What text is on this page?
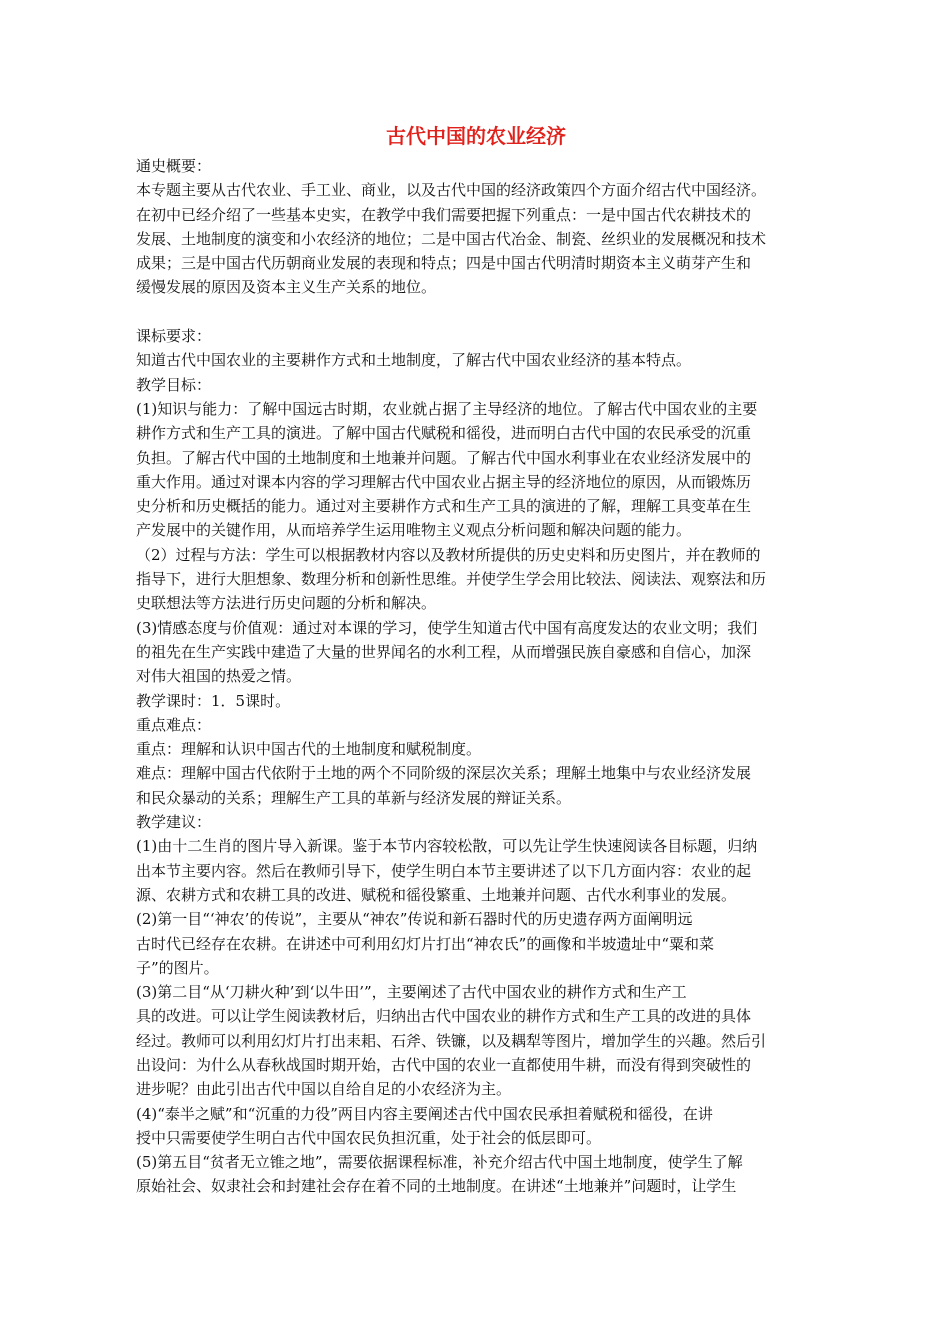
古代中国的农业经济
通史概要：
本专题主要从古代农业、手工业、商业，以及古代中国的经济政策四个方面介绍古代中国经济。
在初中已经介绍了一些基本史实，在教学中我们需要把握下列重点：一是中国古代农耕技术的
发展、土地制度的演变和小农经济的地位；二是中国古代冶金、制瓷、丝织业的发展概况和技术
成果；三是中国古代历朝商业发展的表现和特点；四是中国古代明清时期资本主义萌芽产生和
缓慢发展的原因及资本主义生产关系的地位。
课标要求：
知道古代中国农业的主要耕作方式和土地制度，了解古代中国农业经济的基本特点。
教学目标：
(1)知识与能力：了解中国远古时期，农业就占据了主导经济的地位。了解古代中国农业的主要
耕作方式和生产工具的演进。了解中国古代赋税和徭役，进而明白古代中国的农民承受的沉重
负担。了解古代中国的土地制度和土地兼并问题。了解古代中国水利事业在农业经济发展中的
重大作用。通过对课本内容的学习理解古代中国农业占据主导的经济地位的原因，从而锻炼历
史分析和历史概括的能力。通过对主要耕作方式和生产工具的演进的了解，理解工具变革在生
产发展中的关键作用，从而培养学生运用唯物主义观点分析问题和解决问题的能力。
（2）过程与方法：学生可以根据教材内容以及教材所提供的历史史料和历史图片，并在教师的
指导下，进行大胆想象、数理分析和创新性思维。并使学生学会用比较法、阅读法、观察法和历
史联想法等方法进行历史问题的分析和解决。
(3)情感态度与价值观：通过对本课的学习，使学生知道古代中国有高度发达的农业文明；我们
的祖先在生产实践中建造了大量的世界闻名的水利工程，从而增强民族自豪感和自信心，加深
对伟大祖国的热爱之情。
教学课时：1．5课时。
重点难点：
重点：理解和认识中国古代的土地制度和赋税制度。
难点：理解中国古代依附于土地的两个不同阶级的深层次关系；理解土地集中与农业经济发展
和民众暴动的关系；理解生产工具的革新与经济发展的辩证关系。
教学建议：
(1)由十二生肖的图片导入新课。鉴于本节内容较松散，可以先让学生快速阅读各目标题，归纳
出本节主要内容。然后在教师引导下，使学生明白本节主要讲述了以下几方面内容：农业的起
源、农耕方式和农耕工具的改进、赋税和徭役繁重、土地兼并问题、古代水利事业的发展。
(2)第一目“‘神农’的传说”，主要从“神农”传说和新石器时代的历史遗存两方面阐明远
古时代已经存在农耕。在讲述中可利用幻灯片打出“神农氏”的画像和半坡遗址中“粟和菜
子”的图片。
(3)第二目“从‘刀耕火种’到‘以牛田’”，主要阐述了古代中国农业的耕作方式和生产工
具的改进。可以让学生阅读教材后，归纳出古代中国农业的耕作方式和生产工具的改进的具体
经过。教师可以利用幻灯片打出耒耜、石斧、铁镰，以及耦犁等图片，增加学生的兴趣。然后引
出设问：为什么从春秋战国时期开始，古代中国的农业一直都使用牛耕，而没有得到突破性的
进步呢？由此引出古代中国以自给自足的小农经济为主。
(4)“泰半之赋”和“沉重的力役”两目内容主要阐述古代中国农民承担着赋税和徭役，在讲
授中只需要使学生明白古代中国农民负担沉重，处于社会的低层即可。
(5)第五目“贫者无立锥之地”，需要依据课程标准，补充介绍古代中国土地制度，使学生了解
原始社会、奴隶社会和封建社会存在着不同的土地制度。在讲述“土地兼并”问题时，让学生
